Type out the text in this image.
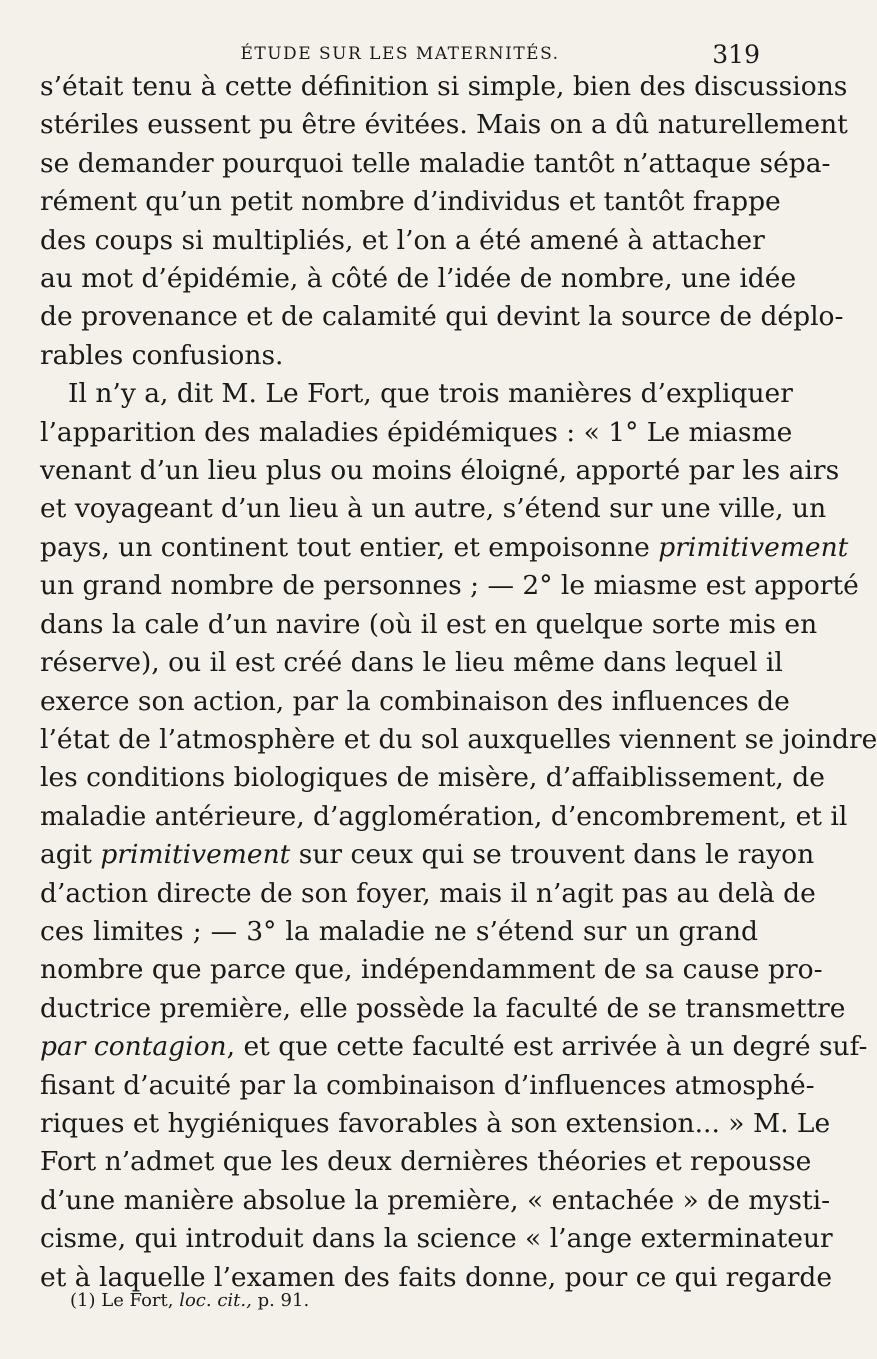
ÉTUDE SUR LES MATERNITÉS.	319

s’était tenu à cette définition si simple, bien des discussions
stériles eussent pu être évitées. Mais on a dû naturellement
se demander pourquoi telle maladie tantôt n’attaque sépa-
rément qu’un petit nombre d’individus et tantôt frappe
des coups si multipliés, et l’on a été amené à attacher
au mot d’épidémie, à côté de l’idée de nombre, une idée
de provenance et de calamité qui devint la source de déplo-
rables confusions.

Il n’y a, dit M. Le Fort, que trois manières d’expliquer
l’apparition des maladies épidémiques : « 1° Le miasme
venant d’un lieu plus ou moins éloigné, apporté par les airs
et voyageant d’un lieu à un autre, s’étend sur une ville, un
pays, un continent tout entier, et empoisonne primitivement
un grand nombre de personnes ; — 2° le miasme est apporté
dans la cale d’un navire (où il est en quelque sorte mis en
réserve), ou il est créé dans le lieu même dans lequel il
exerce son action, par la combinaison des influences de
l’état de l’atmosphère et du sol auxquelles viennent se joindre
les conditions biologiques de misère, d’affaiblissement, de
maladie antérieure, d’agglomération, d’encombrement, et il
agit primitivement sur ceux qui se trouvent dans le rayon
d’action directe de son foyer, mais il n’agit pas au delà de
ces limites ; — 3° la maladie ne s’étend sur un grand
nombre que parce que, indépendamment de sa cause pro-
ductrice première, elle possède la faculté de se transmettre
par contagion, et que cette faculté est arrivée à un degré suf-
fisant d’acuité par la combinaison d’influences atmosphé-
riques et hygiéniques favorables à son extension... » M. Le
Fort n’admet que les deux dernières théories et repousse
d’une manière absolue la première, « entachée » de mysti-
cisme, qui introduit dans la science « l’ange exterminateur
et à laquelle l’examen des faits donne, pour ce qui regarde

(1) Le Fort, loc. cit., p. 91.
